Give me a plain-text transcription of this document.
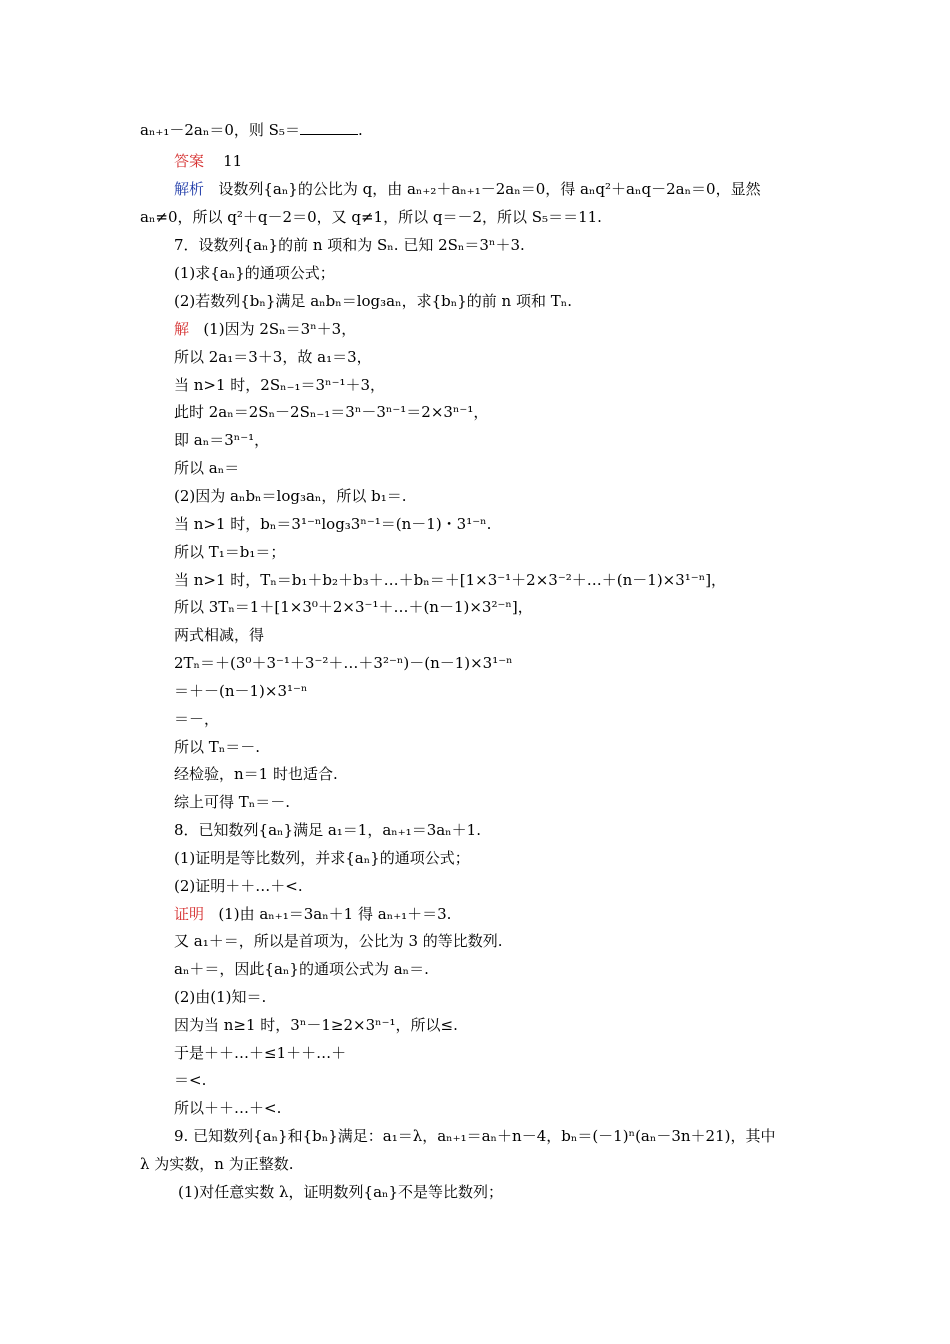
aₙ₊₁－2aₙ＝0，则 S₅＝	.
答案 11
解析 设数列{aₙ}的公比为 q，由 aₙ₊₂＋aₙ₊₁－2aₙ＝0，得 aₙq²＋aₙq－2aₙ＝0，显然
aₙ≠0，所以 q²＋q－2＝0，又 q≠1，所以 q＝－2，所以 S₅＝＝11.
7．设数列{aₙ}的前 n 项和为 Sₙ. 已知 2Sₙ＝3ⁿ＋3.
(1)求{aₙ}的通项公式；
(2)若数列{bₙ}满足 aₙbₙ＝log₃aₙ，求{bₙ}的前 n 项和 Tₙ.
解 (1)因为 2Sₙ＝3ⁿ＋3，
所以 2a₁＝3＋3，故 a₁＝3，
当 n>1 时，2Sₙ₋₁＝3ⁿ⁻¹＋3，
此时 2aₙ＝2Sₙ－2Sₙ₋₁＝3ⁿ－3ⁿ⁻¹＝2×3ⁿ⁻¹，
即 aₙ＝3ⁿ⁻¹，
所以 aₙ＝
(2)因为 aₙbₙ＝log₃aₙ，所以 b₁＝.
当 n>1 时，bₙ＝3¹⁻ⁿlog₃3ⁿ⁻¹＝(n－1)・3¹⁻ⁿ.
所以 T₁＝b₁＝；
当 n>1 时，Tₙ＝b₁＋b₂＋b₃＋…＋bₙ＝＋[1×3⁻¹＋2×3⁻²＋…＋(n－1)×3¹⁻ⁿ]，
所以 3Tₙ＝1＋[1×3⁰＋2×3⁻¹＋…＋(n－1)×3²⁻ⁿ]，
两式相减，得
2Tₙ＝＋(3⁰＋3⁻¹＋3⁻²＋…＋3²⁻ⁿ)－(n－1)×3¹⁻ⁿ
＝＋－(n－1)×3¹⁻ⁿ
＝－，
所以 Tₙ＝－.
经检验，n＝1 时也适合.
综上可得 Tₙ＝－.
8．已知数列{aₙ}满足 a₁＝1，aₙ₊₁＝3aₙ＋1.
(1)证明是等比数列，并求{aₙ}的通项公式；
(2)证明＋＋…＋<.
证明 (1)由 aₙ₊₁＝3aₙ＋1 得 aₙ₊₁＋＝3.
又 a₁＋＝，所以是首项为，公比为 3 的等比数列.
aₙ＋＝，因此{aₙ}的通项公式为 aₙ＝.
(2)由(1)知＝.
因为当 n≥1 时，3ⁿ－1≥2×3ⁿ⁻¹，所以≤.
于是＋＋…＋≤1＋＋…＋
＝<.
所以＋＋…＋<.
9. 已知数列{aₙ}和{bₙ}满足：a₁＝λ，aₙ₊₁＝aₙ＋n－4，bₙ＝(－1)ⁿ(aₙ－3n＋21)，其中
λ 为实数，n 为正整数.
(1)对任意实数 λ，证明数列{aₙ}不是等比数列；
